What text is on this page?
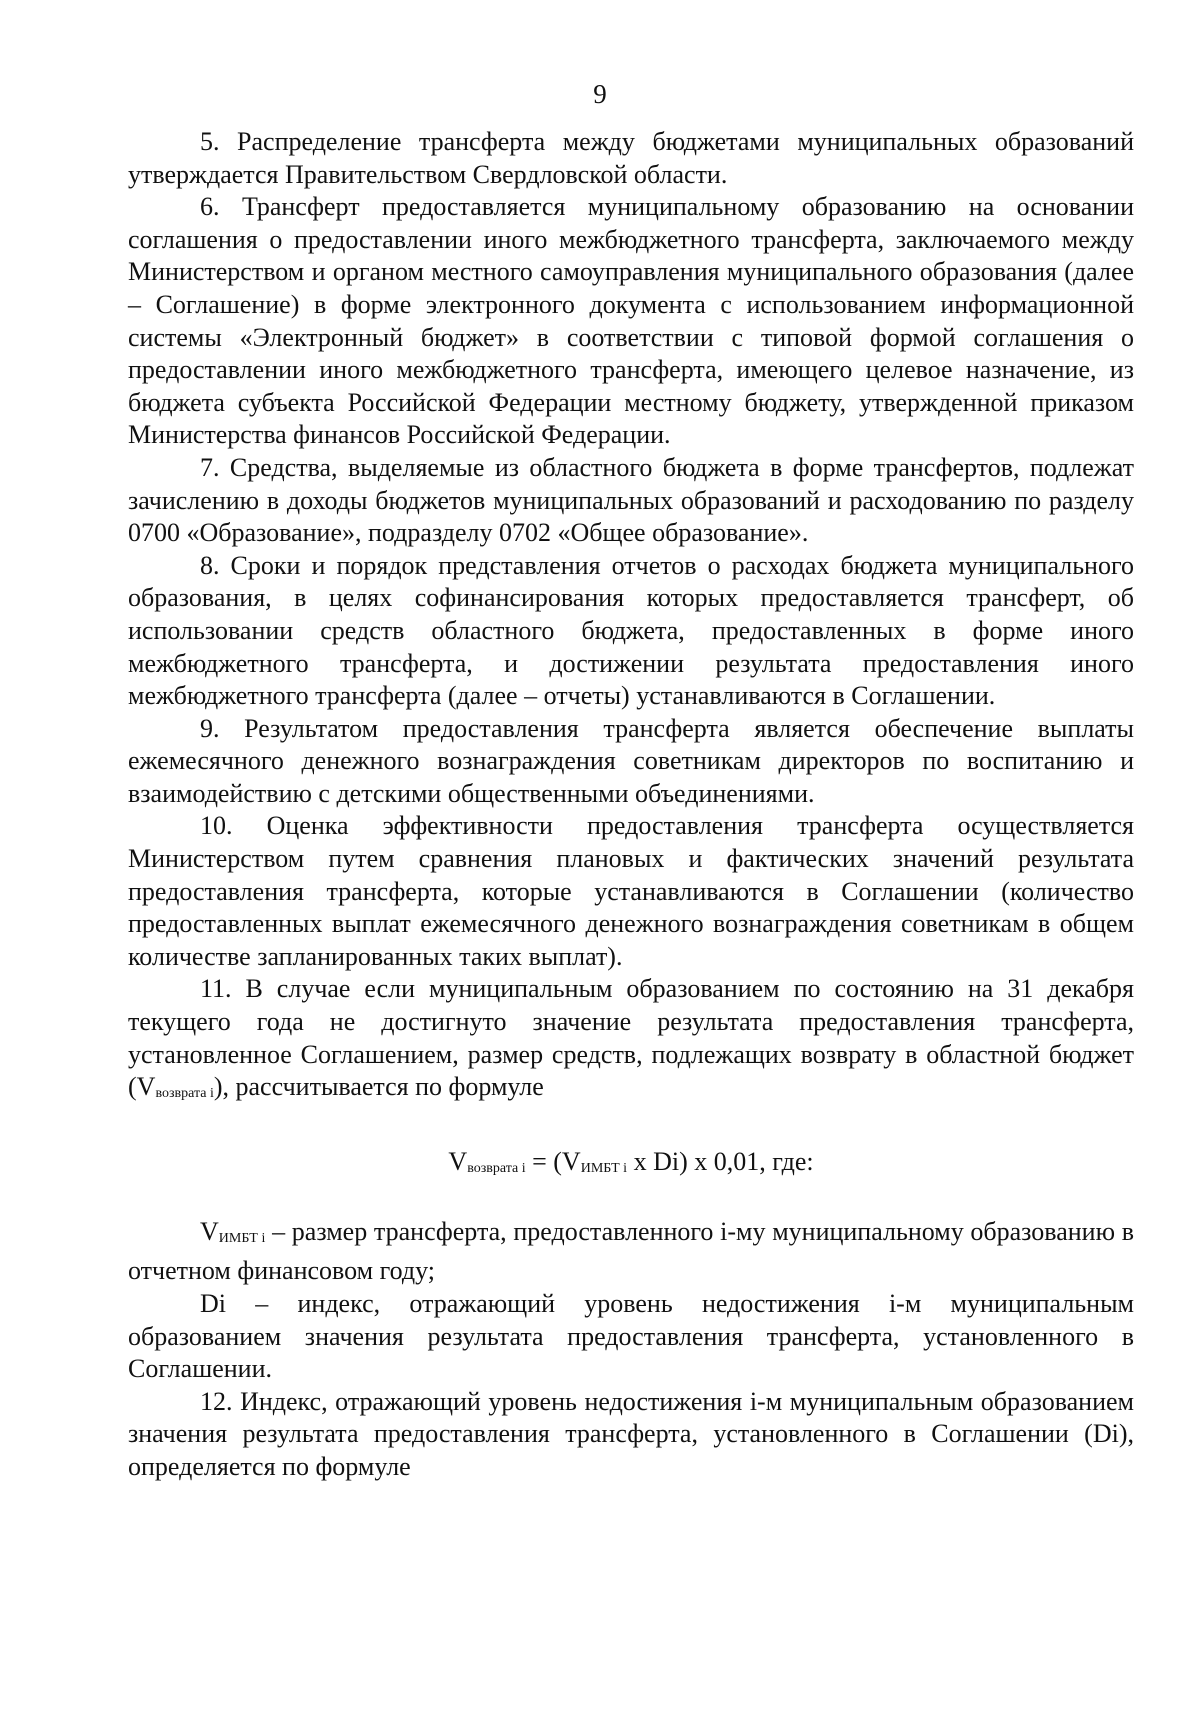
9

5. Распределение трансферта между бюджетами муниципальных образований утверждается Правительством Свердловской области.

6. Трансферт предоставляется муниципальному образованию на основании соглашения о предоставлении иного межбюджетного трансферта, заключаемого между Министерством и органом местного самоуправления муниципального образования (далее – Соглашение) в форме электронного документа с использованием информационной системы «Электронный бюджет» в соответствии с типовой формой соглашения о предоставлении иного межбюджетного трансферта, имеющего целевое назначение, из бюджета субъекта Российской Федерации местному бюджету, утвержденной приказом Министерства финансов Российской Федерации.

7. Средства, выделяемые из областного бюджета в форме трансфертов, подлежат зачислению в доходы бюджетов муниципальных образований и расходованию по разделу 0700 «Образование», подразделу 0702 «Общее образование».

8. Сроки и порядок представления отчетов о расходах бюджета муниципального образования, в целях софинансирования которых предоставляется трансферт, об использовании средств областного бюджета, предоставленных в форме иного межбюджетного трансферта, и достижении результата предоставления иного межбюджетного трансферта (далее – отчеты) устанавливаются в Соглашении.

9. Результатом предоставления трансферта является обеспечение выплаты ежемесячного денежного вознаграждения советникам директоров по воспитанию и взаимодействию с детскими общественными объединениями.

10. Оценка эффективности предоставления трансферта осуществляется Министерством путем сравнения плановых и фактических значений результата предоставления трансферта, которые устанавливаются в Соглашении (количество предоставленных выплат ежемесячного денежного вознаграждения советникам в общем количестве запланированных таких выплат).

11. В случае если муниципальным образованием по состоянию на 31 декабря текущего года не достигнуто значение результата предоставления трансферта, установленное Соглашением, размер средств, подлежащих возврату в областной бюджет (Vвозврата i), рассчитывается по формуле

Vвозврата i = (VИМБТ i x Di) x 0,01, где:

VИМБТ i – размер трансферта, предоставленного i-му муниципальному образованию в отчетном финансовом году;

Di – индекс, отражающий уровень недостижения i-м муниципальным образованием значения результата предоставления трансферта, установленного в Соглашении.

12. Индекс, отражающий уровень недостижения i-м муниципальным образованием значения результата предоставления трансферта, установленного в Соглашении (Di), определяется по формуле
